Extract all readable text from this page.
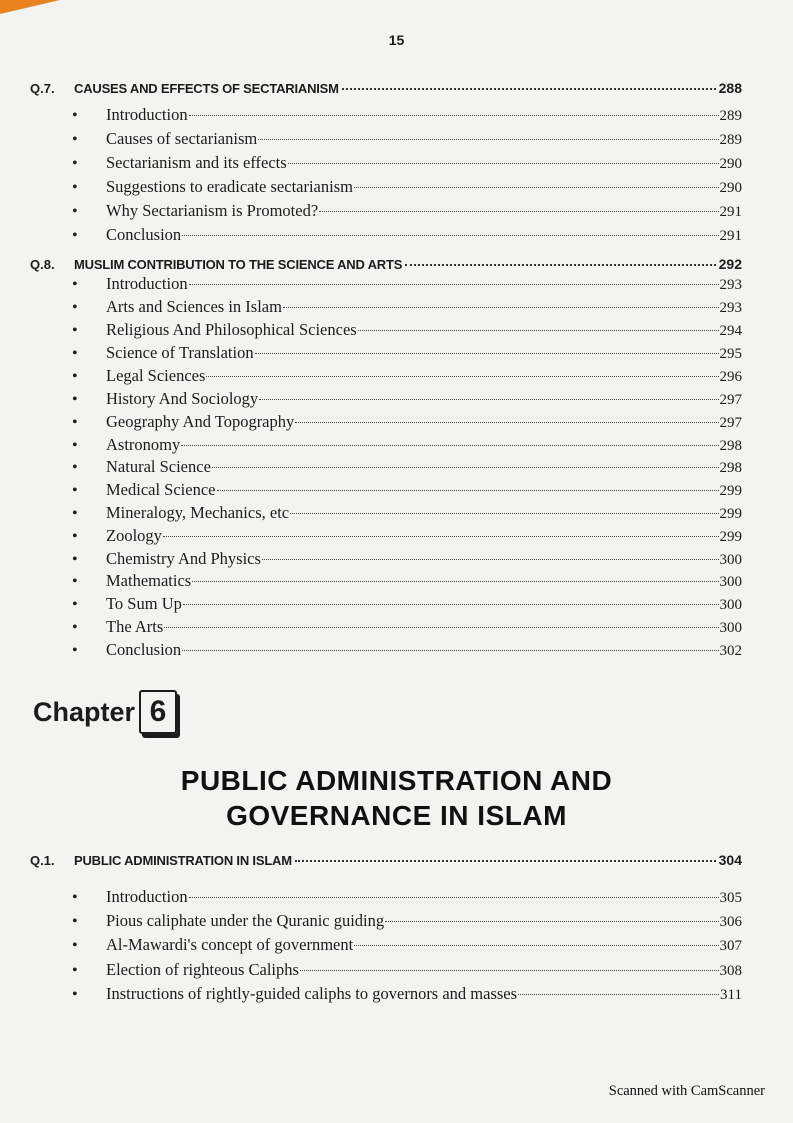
15
Q.7.	CAUSES AND EFFECTS OF SECTARIANISM	288
•	Introduction	289
•	Causes of sectarianism	289
•	Sectarianism and its effects	290
•	Suggestions to eradicate sectarianism	290
•	Why Sectarianism is Promoted?	291
•	Conclusion	291
Q.8.	MUSLIM CONTRIBUTION TO THE SCIENCE AND ARTS	292
•	Introduction	293
•	Arts and Sciences in Islam	293
•	Religious And Philosophical Sciences	294
•	Science of Translation	295
•	Legal Sciences	296
•	History And Sociology	297
•	Geography And Topography	297
•	Astronomy	298
•	Natural Science	298
•	Medical Science	299
•	Mineralogy, Mechanics, etc	299
•	Zoology	299
•	Chemistry And Physics	300
•	Mathematics	300
•	To Sum Up	300
•	The Arts	300
•	Conclusion	302
Chapter 6
PUBLIC ADMINISTRATION AND
GOVERNANCE IN ISLAM
Q.1.	PUBLIC ADMINISTRATION IN ISLAM	304
•	Introduction	305
•	Pious caliphate under the Quranic guiding	306
•	Al-Mawardi's concept of government	307
•	Election of righteous Caliphs	308
•	Instructions of rightly-guided caliphs to governors and masses	311
Scanned with CamScanner
